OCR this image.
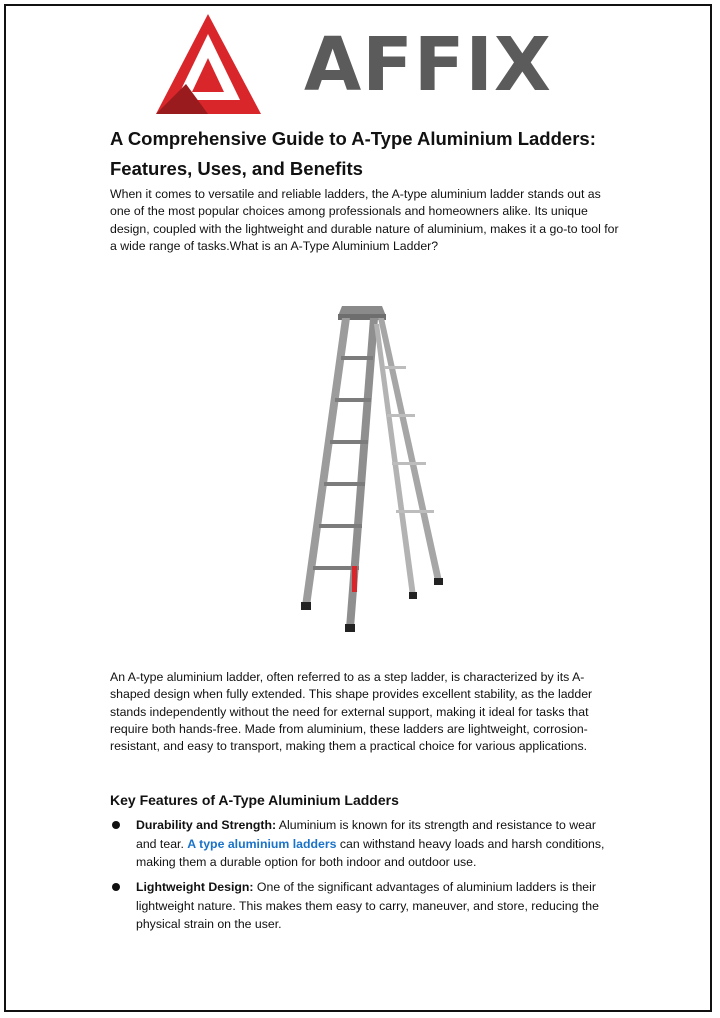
AFFIX
A Comprehensive Guide to A-Type Aluminium Ladders: Features, Uses, and Benefits

When it comes to versatile and reliable ladders, the A-type aluminium ladder stands out as one of the most popular choices among professionals and homeowners alike. Its unique design, coupled with the lightweight and durable nature of aluminium, makes it a go-to tool for a wide range of tasks.What is an A-Type Aluminium Ladder?

An A-type aluminium ladder, often referred to as a step ladder, is characterized by its A-shaped design when fully extended. This shape provides excellent stability, as the ladder stands independently without the need for external support, making it ideal for tasks that require both hands-free. Made from aluminium, these ladders are lightweight, corrosion-resistant, and easy to transport, making them a practical choice for various applications.

Key Features of A-Type Aluminium Ladders
Durability and Strength: Aluminium is known for its strength and resistance to wear and tear. A type aluminium ladders can withstand heavy loads and harsh conditions, making them a durable option for both indoor and outdoor use.
Lightweight Design: One of the significant advantages of aluminium ladders is their lightweight nature. This makes them easy to carry, maneuver, and store, reducing the physical strain on the user.
